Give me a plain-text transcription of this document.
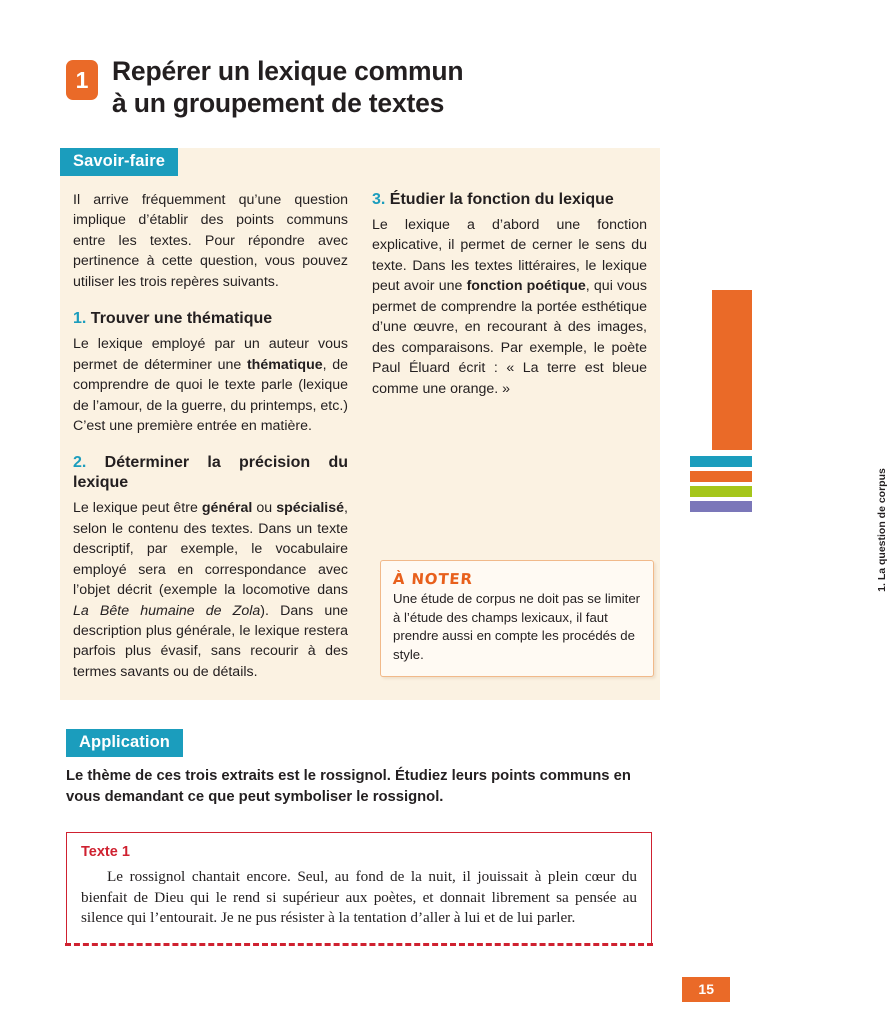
MÉTHODE	1. La question de corpus
1 Repérer un lexique commun
à un groupement de textes
Savoir-faire

Il arrive fréquemment qu’une question implique d’établir des points communs entre les textes. Pour répondre avec pertinence à cette question, vous pouvez utiliser les trois repères suivants.

1. Trouver une thématique

Le lexique employé par un auteur vous permet de déterminer une thématique, de comprendre de quoi le texte parle (lexique de l’amour, de la guerre, du printemps, etc.) C’est une première entrée en matière.

2. Déterminer la précision du lexique

Le lexique peut être général ou spécialisé, selon le contenu des textes. Dans un texte descriptif, par exemple, le vocabulaire employé sera en correspondance avec l’objet décrit (exemple la locomotive dans La Bête humaine de Zola). Dans une description plus générale, le lexique restera parfois plus évasif, sans recourir à des termes savants ou de détails.

3. Étudier la fonction du lexique

Le lexique a d’abord une fonction explicative, il permet de cerner le sens du texte. Dans les textes littéraires, le lexique peut avoir une fonction poétique, qui vous permet de comprendre la portée esthétique d’une œuvre, en recourant à des images, des comparaisons. Par exemple, le poète Paul Éluard écrit : « La terre est bleue comme une orange. »

À NOTER
Une étude de corpus ne doit pas se limiter à l’étude des champs lexicaux, il faut prendre aussi en compte les procédés de style.
Application
Le thème de ces trois extraits est le rossignol. Étudiez leurs points communs en vous demandant ce que peut symboliser le rossignol.
Texte 1
Le rossignol chantait encore. Seul, au fond de la nuit, il jouissait à plein cœur du bienfait de Dieu qui le rend si supérieur aux poètes, et donnait librement sa pensée au silence qui l’entourait. Je ne pus résister à la tentation d’aller à lui et de lui parler.
15
